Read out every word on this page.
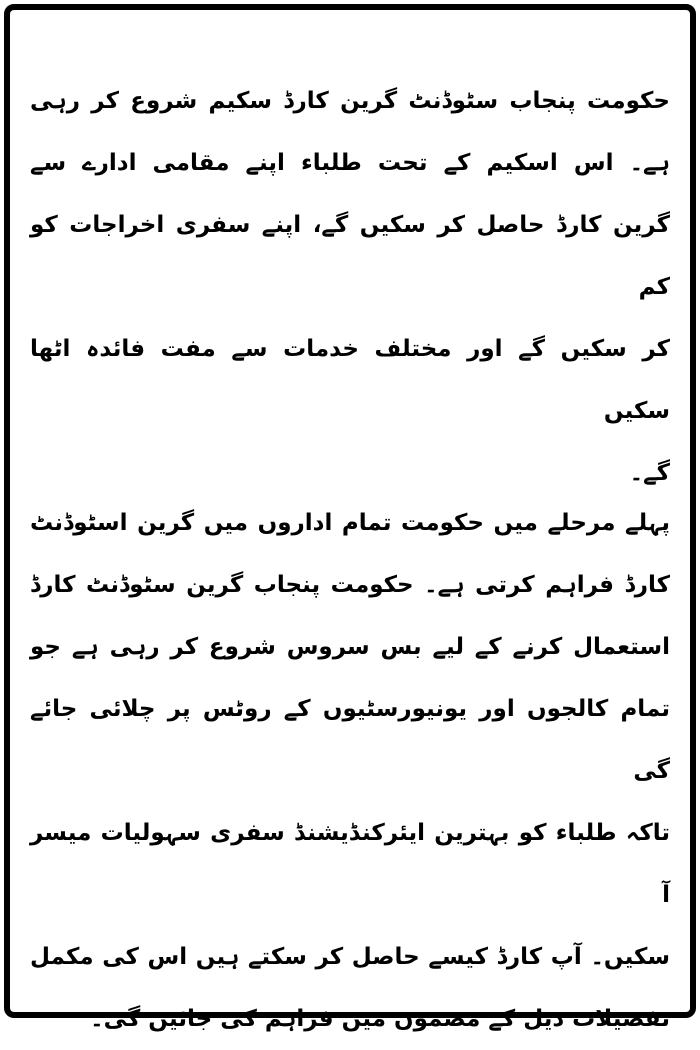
حکومت پنجاب سٹوڈنٹ گرین کارڈ سکیم شروع کر رہی
ہے۔ اس اسکیم کے تحت طلباء اپنے مقامی ادارے سے
گرین کارڈ حاصل کر سکیں گے، اپنے سفری اخراجات کو کم
کر سکیں گے اور مختلف خدمات سے مفت فائدہ اٹھا سکیں
گے۔
پہلے مرحلے میں حکومت تمام اداروں میں گرین اسٹوڈنٹ
کارڈ فراہم کرتی ہے۔ حکومت پنجاب گرین سٹوڈنٹ کارڈ
استعمال کرنے کے لیے بس سروس شروع کر رہی ہے جو
تمام کالجوں اور یونیورسٹیوں کے روٹس پر چلائی جائے گی
تاکہ طلباء کو بہترین ایئرکنڈیشنڈ سفری سہولیات میسر آ
سکیں۔ آپ کارڈ کیسے حاصل کر سکتے ہیں اس کی مکمل
تفصیلات ذیل کے مضمون میں فراہم کی جائیں گی۔
